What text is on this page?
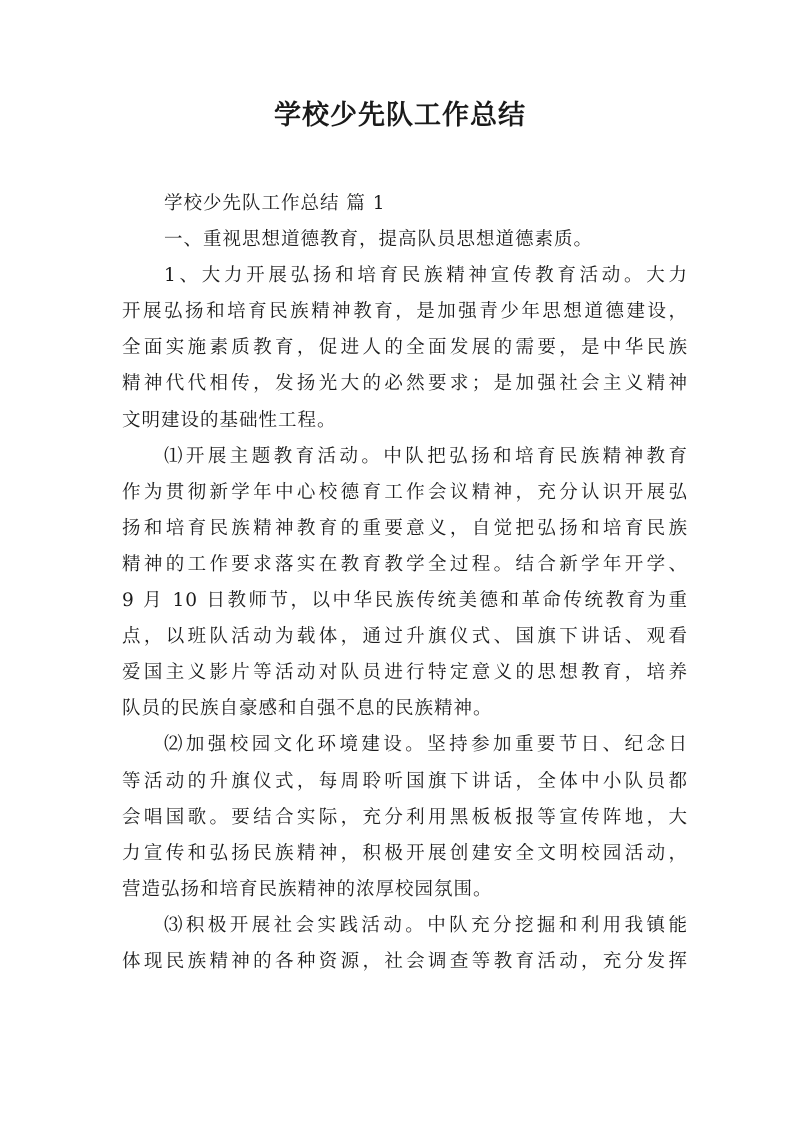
学校少先队工作总结
学校少先队工作总结 篇 1
一、重视思想道德教育，提高队员思想道德素质。
1、大力开展弘扬和培育民族精神宣传教育活动。大力
开展弘扬和培育民族精神教育，是加强青少年思想道德建设，
全面实施素质教育，促进人的全面发展的需要，是中华民族
精神代代相传，发扬光大的必然要求；是加强社会主义精神
文明建设的基础性工程。
⑴开展主题教育活动。中队把弘扬和培育民族精神教育
作为贯彻新学年中心校德育工作会议精神，充分认识开展弘
扬和培育民族精神教育的重要意义，自觉把弘扬和培育民族
精神的工作要求落实在教育教学全过程。结合新学年开学、
9 月 10 日教师节，以中华民族传统美德和革命传统教育为重
点，以班队活动为载体，通过升旗仪式、国旗下讲话、观看
爱国主义影片等活动对队员进行特定意义的思想教育，培养
队员的民族自豪感和自强不息的民族精神。
⑵加强校园文化环境建设。坚持参加重要节日、纪念日
等活动的升旗仪式，每周聆听国旗下讲话，全体中小队员都
会唱国歌。要结合实际，充分利用黑板板报等宣传阵地，大
力宣传和弘扬民族精神，积极开展创建安全文明校园活动，
营造弘扬和培育民族精神的浓厚校园氛围。
⑶积极开展社会实践活动。中队充分挖掘和利用我镇能
体现民族精神的各种资源，社会调查等教育活动，充分发挥
